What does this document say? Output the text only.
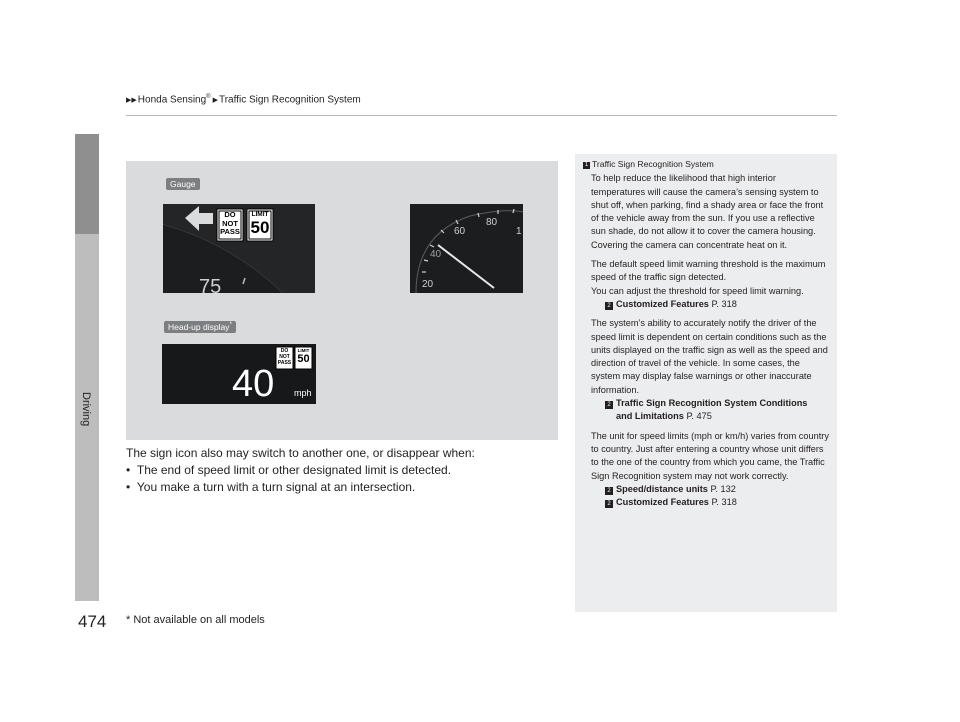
▶▶Honda Sensing®▶Traffic Sign Recognition System
Driving
Gauge
DO
NOT
PASS
LIMIT
50
75
80
60
40
20
1
Head-up display*
DO
NOT
PASS
LIMIT
50
40 mph
The sign icon also may switch to another one, or disappear when:
•  The end of speed limit or other designated limit is detected.
•  You make a turn with a turn signal at an intersection.
1 Traffic Sign Recognition System
To help reduce the likelihood that high interior temperatures will cause the camera’s sensing system to shut off, when parking, find a shady area or face the front of the vehicle away from the sun. If you use a reflective sun shade, do not allow it to cover the camera housing.
Covering the camera can concentrate heat on it.
The default speed limit warning threshold is the maximum speed of the traffic sign detected.
You can adjust the threshold for speed limit warning.
2 Customized Features P. 318
The system’s ability to accurately notify the driver of the speed limit is dependent on certain conditions such as the units displayed on the traffic sign as well as the speed and direction of travel of the vehicle. In some cases, the system may display false warnings or other inaccurate information.
2 Traffic Sign Recognition System Conditions
and Limitations P. 475
The unit for speed limits (mph or km/h) varies from country to country. Just after entering a country whose unit differs to the one of the country from which you came, the Traffic Sign Recognition system may not work correctly.
2 Speed/distance units P. 132
2 Customized Features P. 318
474 * Not available on all models
